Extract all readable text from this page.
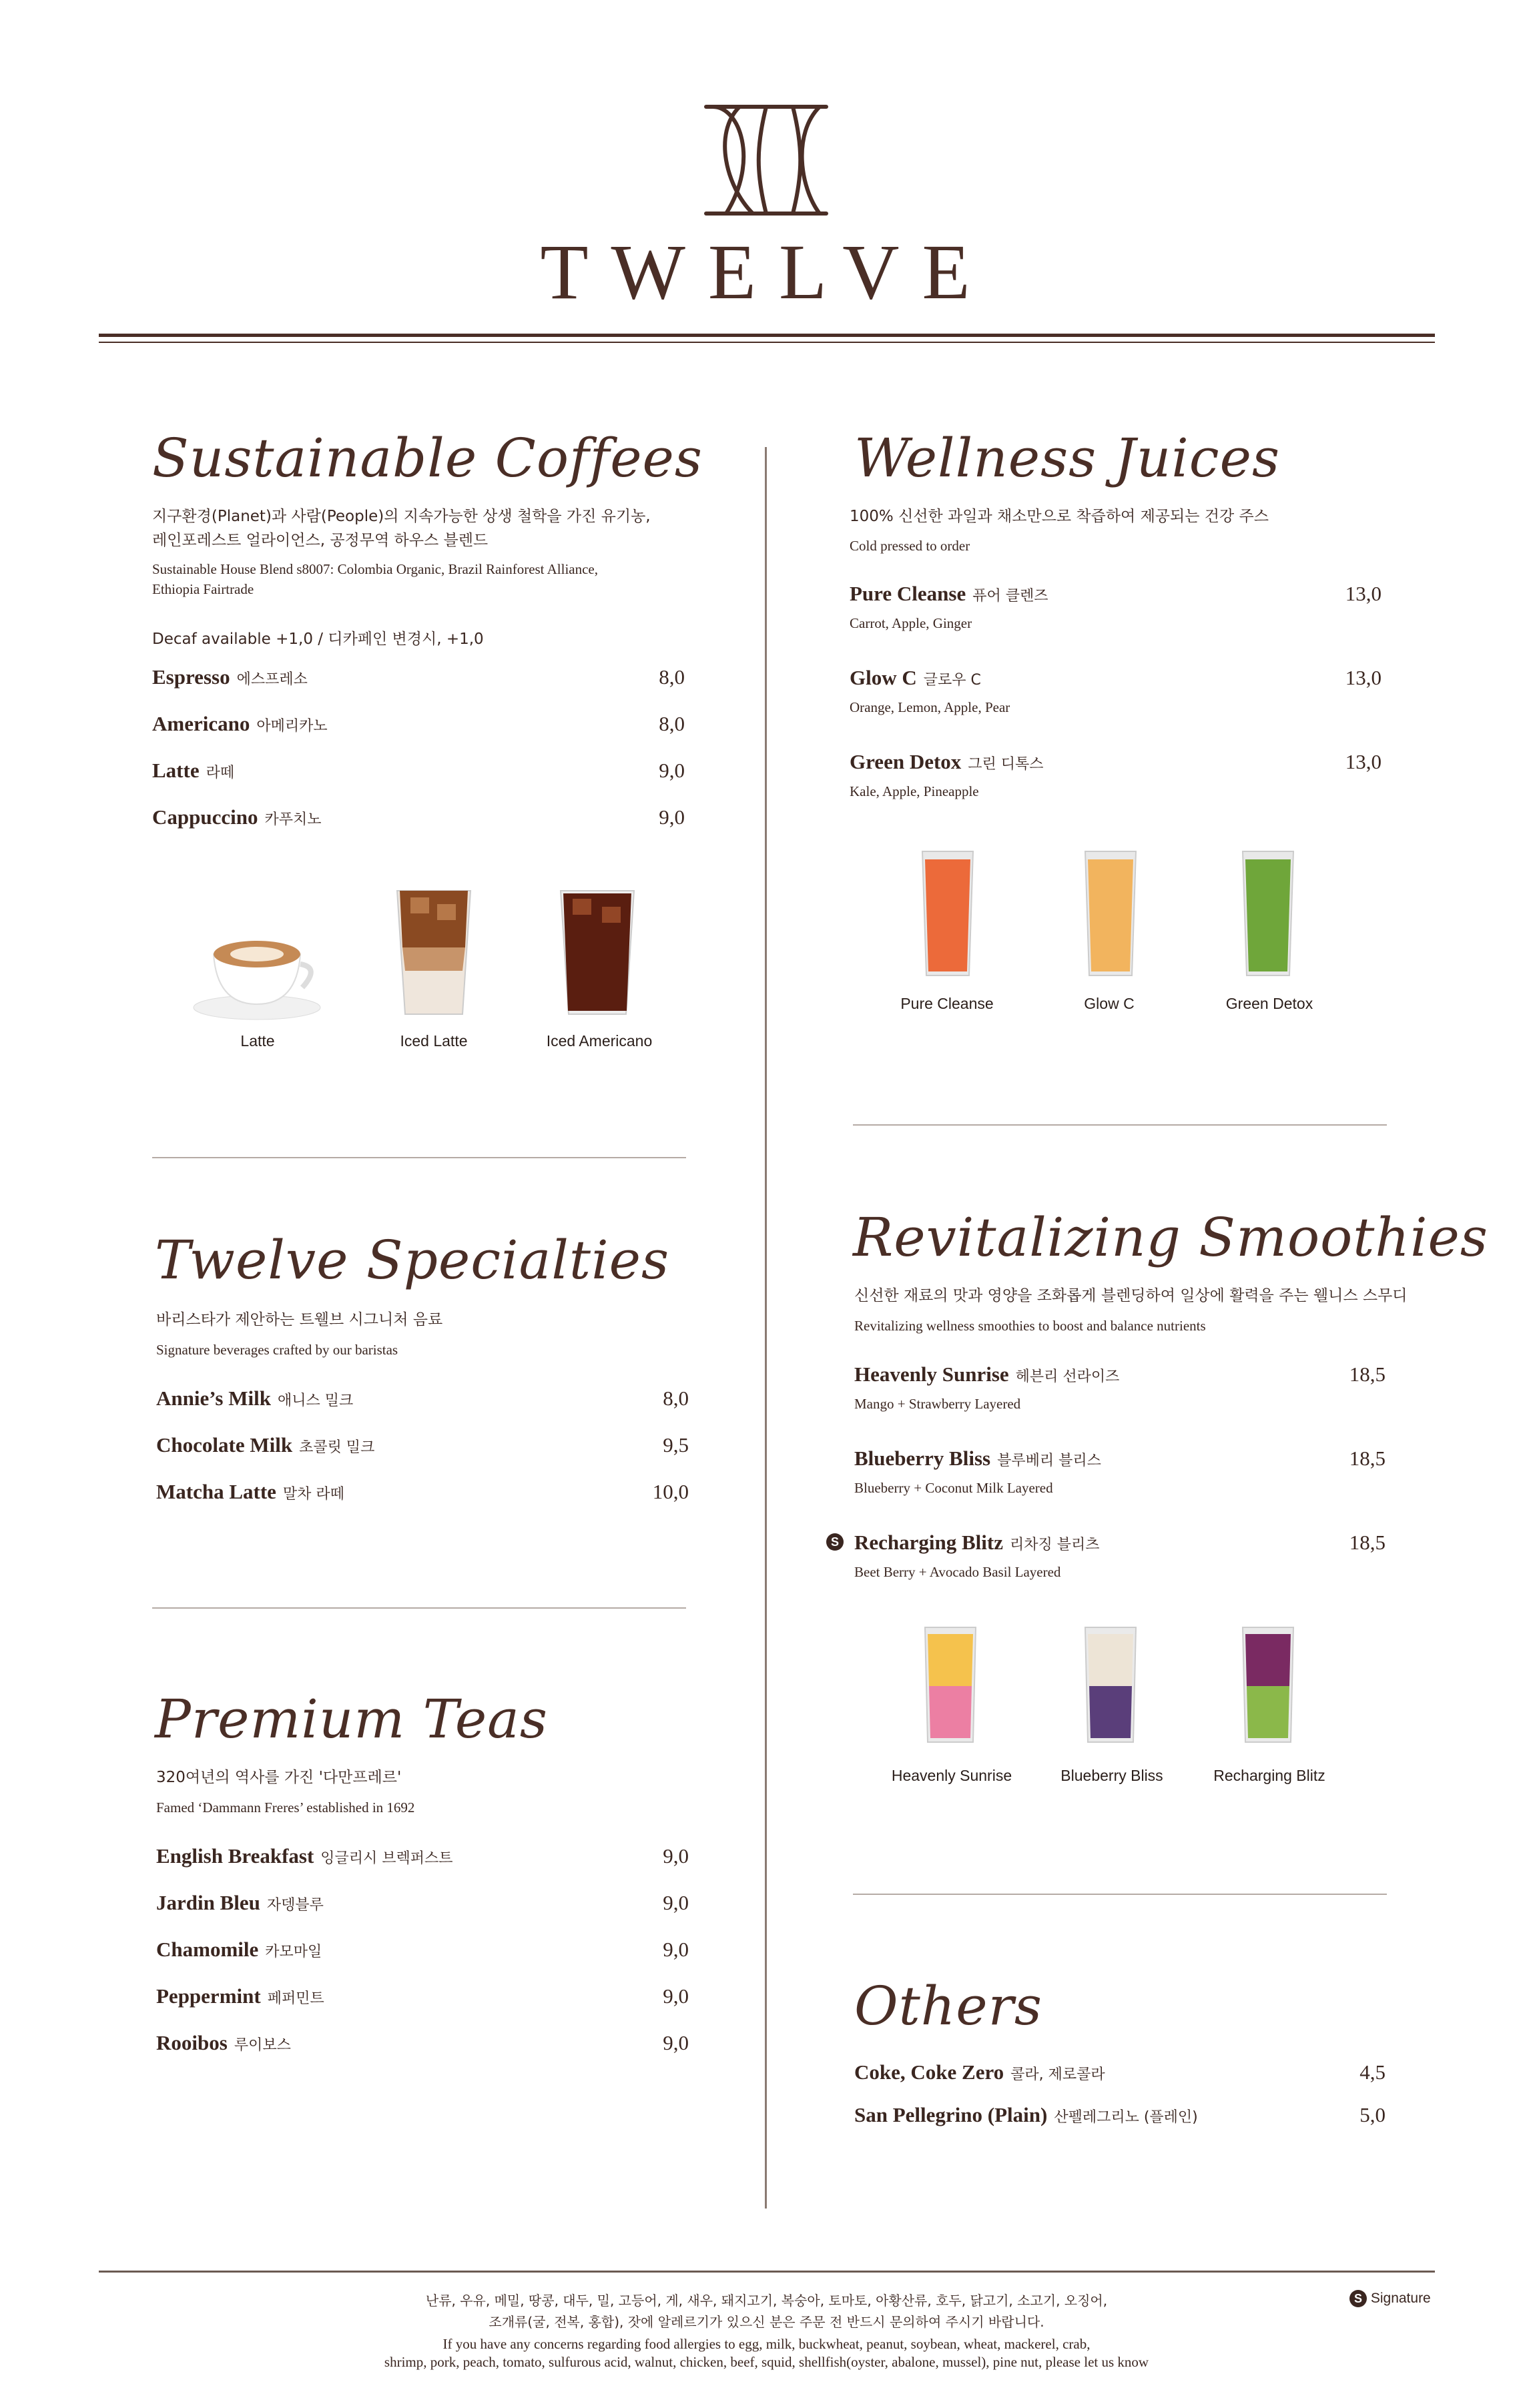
TWELVE
Sustainable Coffees
지구환경(Planet)과 사람(People)의 지속가능한 상생 철학을 가진 유기농,
레인포레스트 얼라이언스, 공정무역 하우스 블렌드
Sustainable House Blend s8007: Colombia Organic, Brazil Rainforest Alliance,
Ethiopia Fairtrade
Decaf available +1,0 / 디카페인 변경시, +1,0
Espresso 에스프레소	8,0
Americano 아메리카노	8,0
Latte 라떼	9,0
Cappuccino 카푸치노	9,0
Latte	Iced Latte	Iced Americano
Twelve Specialties
바리스타가 제안하는 트웰브 시그니처 음료
Signature beverages crafted by our baristas
Annie’s Milk 애니스 밀크	8,0
Chocolate Milk 초콜릿 밀크	9,5
Matcha Latte 말차 라떼	10,0
Premium Teas
320여년의 역사를 가진 '다만프레르'
Famed ‘Dammann Freres’ established in 1692
English Breakfast 잉글리시 브렉퍼스트	9,0
Jardin Bleu 자뎅블루	9,0
Chamomile 카모마일	9,0
Peppermint 페퍼민트	9,0
Rooibos 루이보스	9,0
Wellness Juices
100% 신선한 과일과 채소만으로 착즙하여 제공되는 건강 주스
Cold pressed to order
Pure Cleanse 퓨어 클렌즈	13,0
Carrot, Apple, Ginger
Glow C 글로우 C	13,0
Orange, Lemon, Apple, Pear
Green Detox 그린 디톡스	13,0
Kale, Apple, Pineapple
Pure Cleanse	Glow C	Green Detox
Revitalizing Smoothies
신선한 재료의 맛과 영양을 조화롭게 블렌딩하여 일상에 활력을 주는 웰니스 스무디
Revitalizing wellness smoothies to boost and balance nutrients
Heavenly Sunrise 헤븐리 선라이즈	18,5
Mango + Strawberry Layered
Blueberry Bliss 블루베리 블리스	18,5
Blueberry + Coconut Milk Layered
S Recharging Blitz 리차징 블리츠	18,5
Beet Berry + Avocado Basil Layered
Heavenly Sunrise	Blueberry Bliss	Recharging Blitz
Others
Coke, Coke Zero 콜라, 제로콜라	4,5
San Pellegrino (Plain) 산펠레그리노 (플레인)	5,0
난류, 우유, 메밀, 땅콩, 대두, 밀, 고등어, 게, 새우, 돼지고기, 복숭아, 토마토, 아황산류, 호두, 닭고기, 소고기, 오징어,
조개류(굴, 전복, 홍합), 잣에 알레르기가 있으신 분은 주문 전 반드시 문의하여 주시기 바랍니다.
If you have any concerns regarding food allergies to egg, milk, buckwheat, peanut, soybean, wheat, mackerel, crab,
shrimp, pork, peach, tomato, sulfurous acid, walnut, chicken, beef, squid, shellfish(oyster, abalone, mussel), pine nut, please let us know
S Signature
